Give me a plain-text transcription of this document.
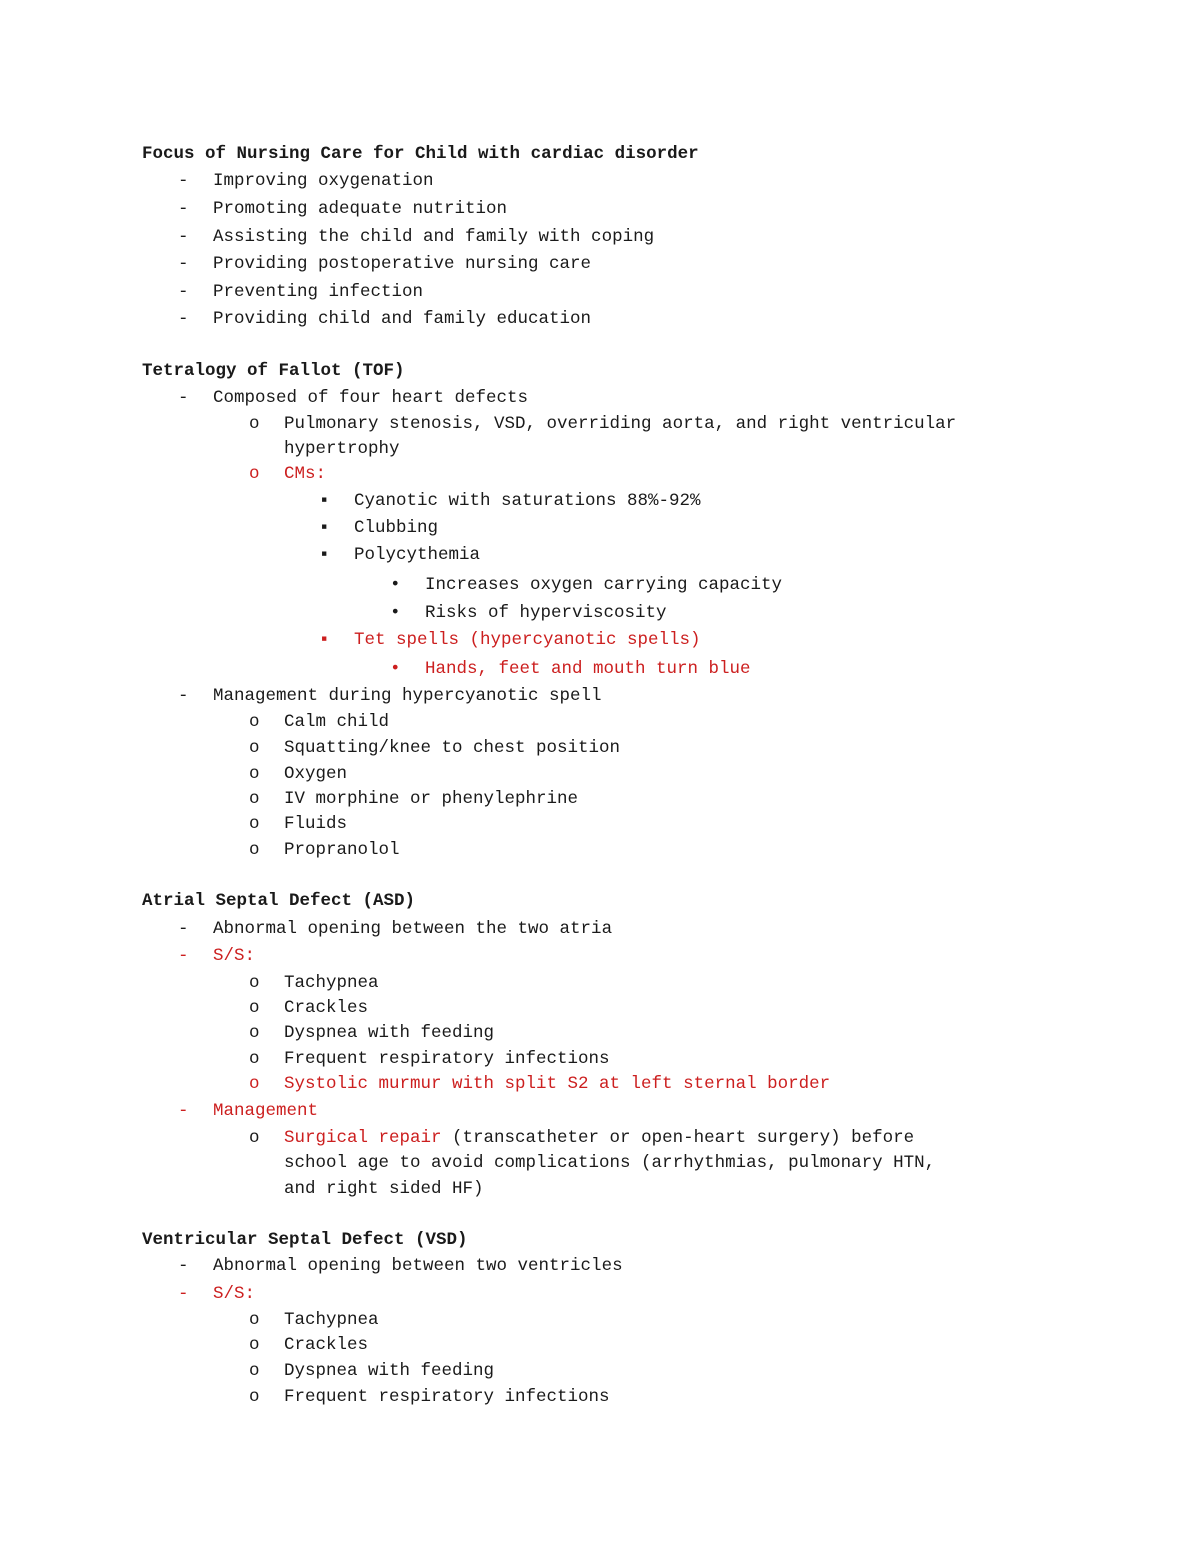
Focus of Nursing Care for Child with cardiac disorder
- Improving oxygenation
- Promoting adequate nutrition
- Assisting the child and family with coping
- Providing postoperative nursing care
- Preventing infection
- Providing child and family education
Tetralogy of Fallot (TOF)
- Composed of four heart defects
o Pulmonary stenosis, VSD, overriding aorta, and right ventricular
hypertrophy
o CMs:
▪ Cyanotic with saturations 88%-92%
▪ Clubbing
▪ Polycythemia
• Increases oxygen carrying capacity
• Risks of hyperviscosity
▪ Tet spells (hypercyanotic spells)
• Hands, feet and mouth turn blue
- Management during hypercyanotic spell
o Calm child
o Squatting/knee to chest position
o Oxygen
o IV morphine or phenylephrine
o Fluids
o Propranolol
Atrial Septal Defect (ASD)
- Abnormal opening between the two atria
- S/S:
o Tachypnea
o Crackles
o Dyspnea with feeding
o Frequent respiratory infections
o Systolic murmur with split S2 at left sternal border
- Management
o Surgical repair (transcatheter or open-heart surgery) before
school age to avoid complications (arrhythmias, pulmonary HTN,
and right sided HF)
Ventricular Septal Defect (VSD)
- Abnormal opening between two ventricles
- S/S:
o Tachypnea
o Crackles
o Dyspnea with feeding
o Frequent respiratory infections
